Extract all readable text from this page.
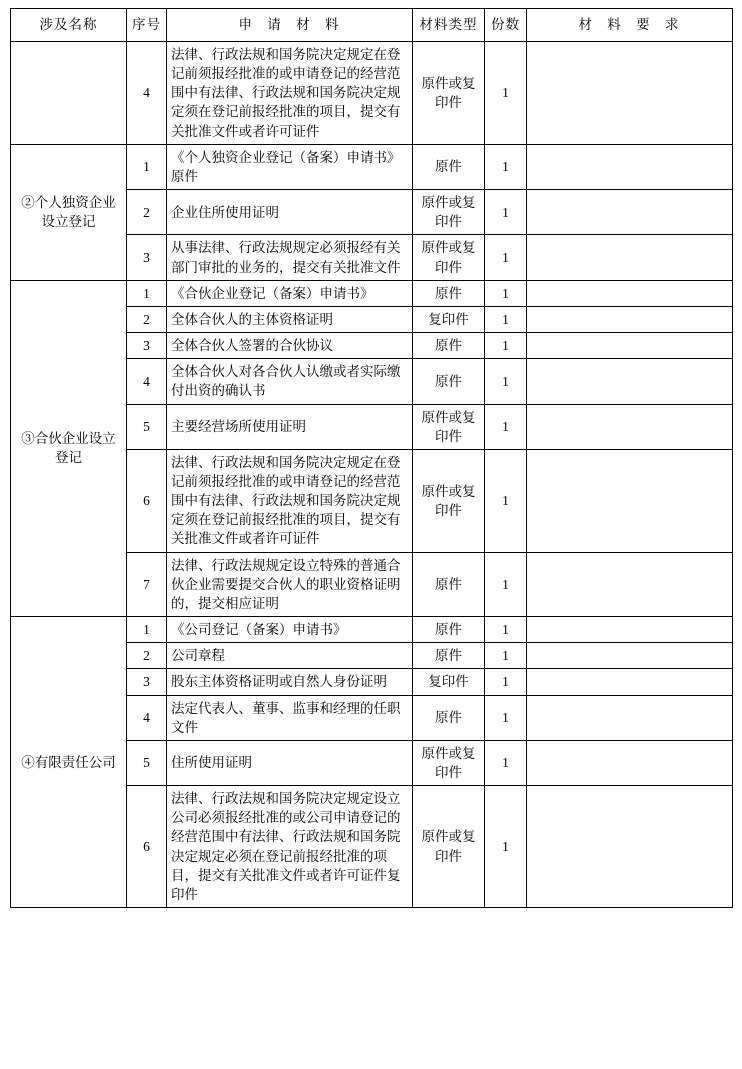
涉及名称	序号	申 请 材 料	材料类型	份数	材 料 要 求
	4	法律、行政法规和国务院决定规定在登记前须报经批准的或申请登记的经营范围中有法律、行政法规和国务院决定规定须在登记前报经批准的项目，提交有关批准文件或者许可证件	原件或复印件	1	
②个人独资企业设立登记	1	《个人独资企业登记（备案）申请书》原件	原件	1	
	2	企业住所使用证明	原件或复印件	1	
	3	从事法律、行政法规规定必须报经有关部门审批的业务的，提交有关批准文件	原件或复印件	1	
③合伙企业设立登记	1	《合伙企业登记（备案）申请书》	原件	1	
	2	全体合伙人的主体资格证明	复印件	1	
	3	全体合伙人签署的合伙协议	原件	1	
	4	全体合伙人对各合伙人认缴或者实际缴付出资的确认书	原件	1	
	5	主要经营场所使用证明	原件或复印件	1	
	6	法律、行政法规和国务院决定规定在登记前须报经批准的或申请登记的经营范围中有法律、行政法规和国务院决定规定须在登记前报经批准的项目，提交有关批准文件或者许可证件	原件或复印件	1	
	7	法律、行政法规规定设立特殊的普通合伙企业需要提交合伙人的职业资格证明的，提交相应证明	原件	1	
④有限责任公司	1	《公司登记（备案）申请书》	原件	1	
	2	公司章程	原件	1	
	3	股东主体资格证明或自然人身份证明	复印件	1	
	4	法定代表人、董事、监事和经理的任职文件	原件	1	
	5	住所使用证明	原件或复印件	1	
	6	法律、行政法规和国务院决定规定设立公司必须报经批准的或公司申请登记的经营范围中有法律、行政法规和国务院决定规定必须在登记前报经批准的项目，提交有关批准文件或者许可证件复印件	原件或复印件	1	
